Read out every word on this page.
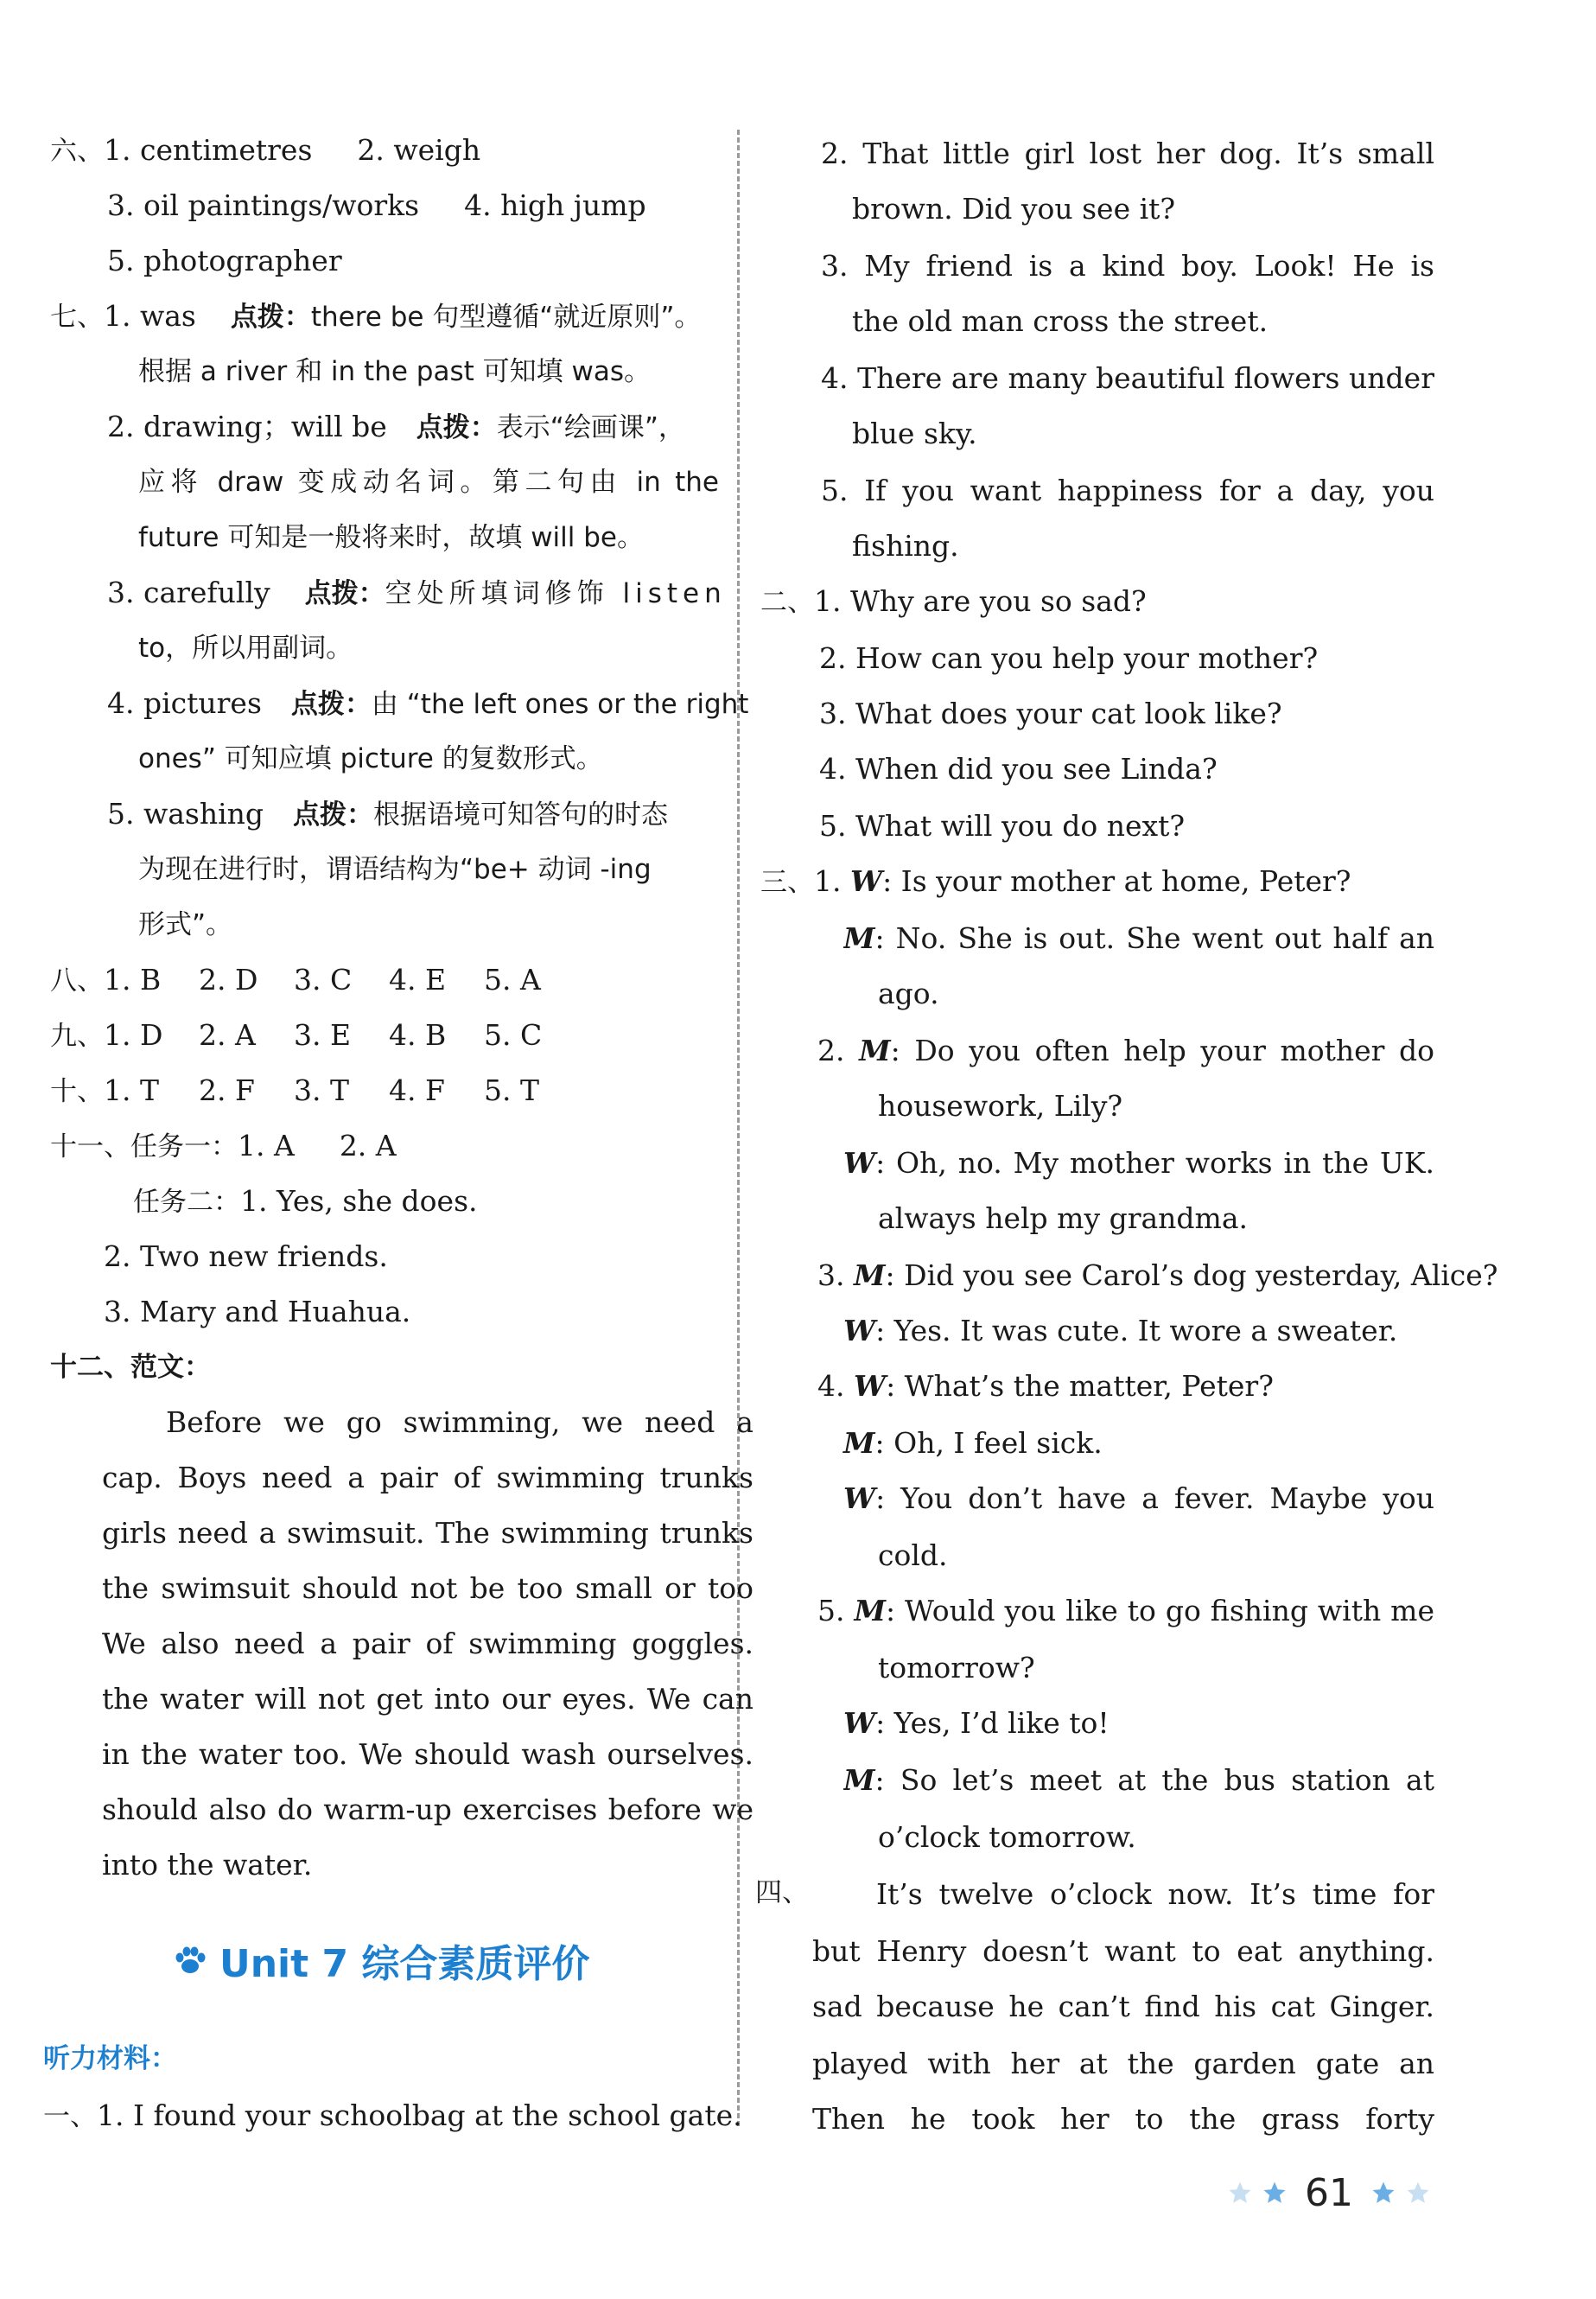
六、1. centimetres 2. weigh
3. oil paintings/works 4. high jump
5. photographer
七、1. was 点拨：there be 句型遵循“就近原则”。
根据 a river 和 in the past 可知填 was。
2. drawing；will be 点拨：表示“绘画课”，
应将 draw 变成动名词。第二句由 in the
future 可知是一般将来时，故填 will be。
3. carefully 点拨：空处所填词修饰 listen
to，所以用副词。
4. pictures 点拨：由 “the left ones or the right
ones” 可知应填 picture 的复数形式。
5. washing 点拨：根据语境可知答句的时态
为现在进行时，谓语结构为“be+ 动词 -ing
形式”。
八、1. B 2. D 3. C 4. E 5. A
九、1. D 2. A 3. E 4. B 5. C
十、1. T 2. F 3. T 4. F 5. T
十一、任务一：1. A 2. A
任务二：1. Yes, she does.
2. Two new friends.
3. Mary and Huahua.
十二、范文：
Before we go swimming, we need a
cap. Boys need a pair of swimming trunks
girls need a swimsuit. The swimming trunks
the swimsuit should not be too small or too
We also need a pair of swimming goggles.
the water will not get into our eyes. We can
in the water too. We should wash ourselves.
should also do warm-up exercises before we
into the water.
Unit 7 综合素质评价
听力材料：
一、1. I found your schoolbag at the school gate.
2. That little girl lost her dog. It’s small
brown. Did you see it?
3. My friend is a kind boy. Look! He is
the old man cross the street.
4. There are many beautiful flowers under
blue sky.
5. If you want happiness for a day, you
fishing.
二、1. Why are you so sad?
2. How can you help your mother?
3. What does your cat look like?
4. When did you see Linda?
5. What will you do next?
三、1. W: Is your mother at home, Peter?
M: No. She is out. She went out half an
ago.
2. M: Do you often help your mother do
housework, Lily?
W: Oh, no. My mother works in the UK.
always help my grandma.
3. M: Did you see Carol’s dog yesterday, Alice?
W: Yes. It was cute. It wore a sweater.
4. W: What’s the matter, Peter?
M: Oh, I feel sick.
W: You don’t have a fever. Maybe you
cold.
5. M: Would you like to go fishing with me
tomorrow?
W: Yes, I’d like to!
M: So let’s meet at the bus station at
o’clock tomorrow.
四、 It’s twelve o’clock now. It’s time for
but Henry doesn’t want to eat anything.
sad because he can’t find his cat Ginger.
played with her at the garden gate an
Then he took her to the grass forty
61
